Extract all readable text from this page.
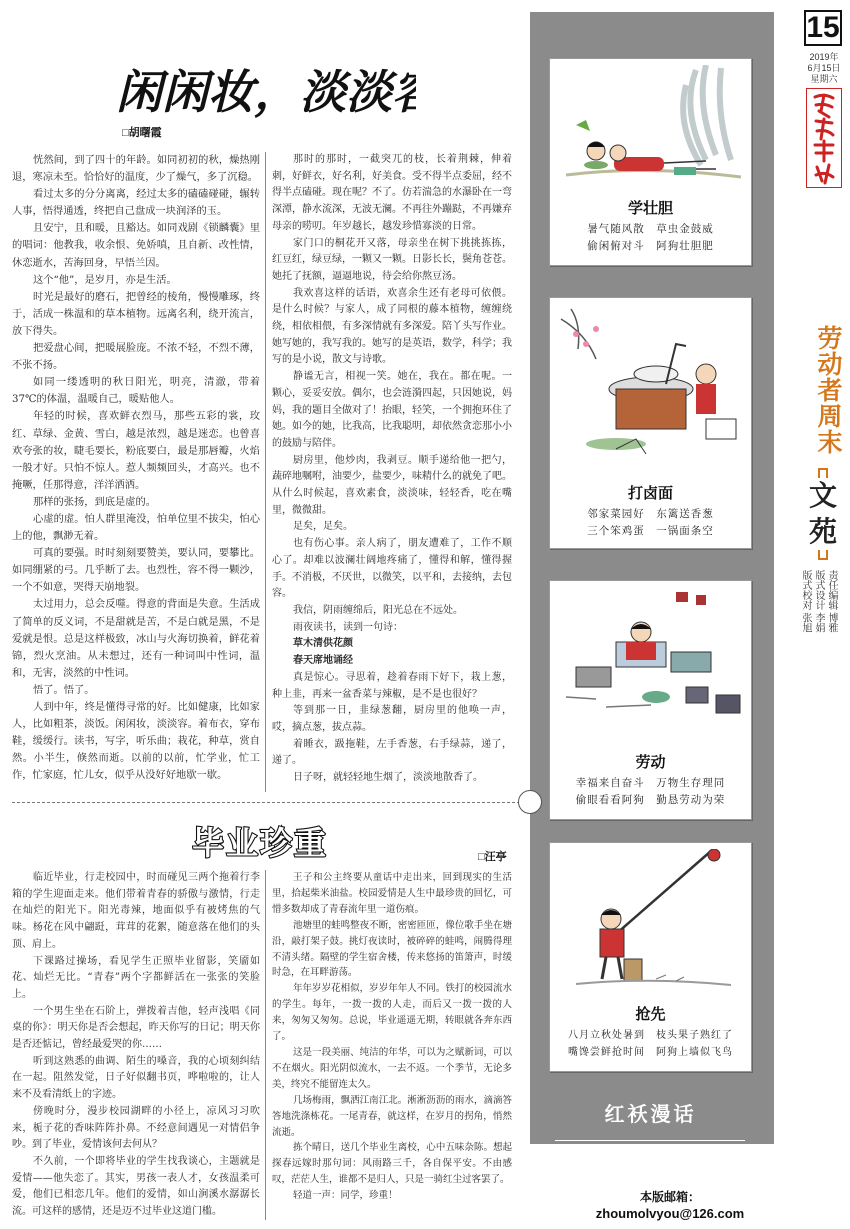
15
2019年
6月15日
星期六
劳动者周末
文苑
责任编辑 博雅
版式设计 李娟
版式校对 张旭
学壮胆
暑气随风散　草虫金鼓威
偷闲俯对斗　阿狗壮胆肥
打卤面
邻家菜园好　东篱送香葱
三个笨鸡蛋　一锅面条空
劳动
幸福来自奋斗　万物生存理同
偷眼看看阿狗　勤恳劳动为荣
抢先
八月立秋处暑到　枝头果子熟红了
嘴馋尝鲜抢时间　阿狗上墙似飞鸟
红袄漫话
□张文泽/画　冷冰/文
本版邮箱：
zhoumolvyou@126.com
闲闲妆，淡淡容
□胡曙霞

恍然间，到了四十的年龄。如同初初的秋，燥热刚退，寒凉未至。恰恰好的温度，少了燥气，多了沉稳。

看过太多的分分离离，经过太多的磕磕碰碰，辗转人事，悟得通透，终把自己盘成一块润泽的玉。

且安宁，且和暖，且豁达。如同戏剧《锁麟囊》里的唱词：他教我，收余恨、免娇嗔，且自新、改性情，休恋逝水，苦海回身，早悟兰因。

这个“他”，是岁月，亦是生活。

时光是最好的磨石，把曾经的棱角，慢慢雕琢，终于，活成一株温和的草本植物。远离名利，绕开流言，放下得失。

把爱盘心间，把暖展脸庞。不浓不轻，不烈不薄，不张不扬。

如同一缕透明的秋日阳光，明亮，清澈，带着37℃的体温，温暖自己，暖贴他人。

年轻的时候，喜欢鲜衣烈马，那些五彩的裳，玫红、草绿、金黄、雪白，越是浓烈，越是迷恋。也曾喜欢夸张的妆，睫毛要长，粉底要白，最是那唇瓣，火焰一般才好。只怕不惊人。惹人频频回头，才高兴。也不掩噘，任那得意，洋洋洒洒。

那样的张扬，到底是虚的。

心虚的虚。怕人群里淹没，怕单位里不拔尖，怕心上的他，飘渺无着。

可真的要强。时时刻刻要赞美，要认同，要攀比。如同绷紧的弓。几乎断了去。也烈性，容不得一颗沙，一个不如意，哭得天崩地裂。

太过用力，总会反噬。得意的背面是失意。生活成了简单的反义词，不是甜就是苦，不是白就是黑，不是爱就是恨。总是这样极致，冰山与火海切换着，鲜花着锦，烈火烹油。从未想过，还有一种词叫中性词，温和，无害，淡然的中性词。

悟了。悟了。

人到中年，终是懂得寻常的好。比如健康，比如家人，比如粗茶，淡饭。闲闲妆，淡淡容。着布衣，穿布鞋，缓缓行。读书，写字，听乐曲；栽花，种草，赏自然。小半生，倏然而逝。以前的以前，忙学业，忙工作，忙家庭，忙儿女，似乎从没好好地歇一歇。

那时的那时，一截突兀的枝，长着荆棘，伸着刺，好鲜衣，好名利，好美食。受不得半点委屈，经不得半点磕碰。现在呢？不了。仿若湍急的水瀑卧在一弯深潭，静水流深，无波无澜。不再往外蹦跶，不再嫌弃母亲的唠叨。年岁越长，越发珍惜寡淡的日常。

家门口的桐花开又落，母亲坐在树下挑挑拣拣，红豆红，绿豆绿，一颗又一颗。日影长长，鬓角苍苍。她托了抚额，逼逼地说，待会给你熬豆汤。

我欢喜这样的话语，欢喜余生还有老母可依偎。是什么时候？与家人，成了同根的藤本植物，缠缠绕绕，相依相偎，有多深情就有多深爱。陪丫头写作业。她写她的，我写我的。她写的是英语，数学，科学；我写的是小说，散文与诗歌。

静谧无言，相视一笑。她在，我在。都在呢。一颗心，妥妥安放。偶尔，也会涟漪四起，只因她说，妈妈，我的题目全做对了！抬眼，轻笑，一个拥抱环住了她。如今的她，比我高，比我聪明，却依然贪恋那小小的鼓励与陪伴。

厨房里，他炒肉，我剥豆。顺手递给他一把勺，蔬碎地嘱咐，油要少，盐要少，味精什么的就免了吧。从什么时候起，喜欢素食，淡淡味，轻轻香，吃在嘴里，微微甜。

足矣，足矣。

也有伤心事。亲人病了，朋友遭难了，工作不顺心了。却难以波澜壮阔地疼痛了，懂得和解，懂得握手。不消极，不厌世，以微笑，以平和，去接纳，去包容。

我信，阴雨缠绵后，阳光总在不远处。

雨夜读书，读到一句诗：

草木清供花颜

春天席地诵经

真是惊心。寻思着，趁着春雨下好下，栽上葱，种上韭，再来一盆香菜与辣椒，是不是也很好？

等到那一日，韭绿葱翻，厨房里的他唤一声，哎，摘点葱，拔点蒜。

着睡衣，趿拖鞋，左手香葱，右手绿蒜，递了，递了。

日子呀，就轻轻地生烟了，淡淡地散香了。

毕业珍重	□汪亭

临近毕业，行走校园中，时而碰见三两个拖着行李箱的学生迎面走来。他们带着青春的骄傲与激情，行走在灿烂的阳光下。阳光毒辣，地面似乎有被烤焦的气味。杨花在风中翩跹，茸茸的花絮，随意落在他们的头顶、肩上。

下课路过操场，看见学生正照毕业留影，笑靥如花、灿烂无比。“青春”两个字都鲜活在一张张的笑脸上。

一个男生坐在石阶上，弹拨着吉他，轻声浅唱《同桌的你》：明天你是否会想起，昨天你写的日记；明天你是否还惦记，曾经最爱哭的你……

听到这熟悉的曲调、陌生的嗓音，我的心顷刻纠结在一起。阻然发觉，日子好似翻书页，哗啦啦的，让人来不及看清纸上的字迹。

傍晚时分，漫步校园湖畔的小径上，凉风习习吹来，栀子花的香味阵阵扑鼻。不经意间遇见一对情侣争吵。到了毕业，爱情该何去何从？

不久前，一个即将毕业的学生找我谈心，主题就是爱情——他失恋了。其实，男孩一表人才，女孩温柔可爱，他们已相恋几年。他们的爱情，如山涧溪水潺潺长流。可这样的感情，还是迈不过毕业这道门槛。

王子和公主终要从童话中走出来，回到现实的生活里，拾起柴米油盐。校园爱情是人生中最珍贵的回忆，可惜多数却成了青春流年里一道伤痕。

池塘里的蛙鸣整夜不断，密密匝匝，像位歌手坐在塘沿，敲打架子鼓。挑灯夜读时，被碎碎的蛙鸣，闹腾得理不清头绪。隔壁的学生宿舍楼，传来悠扬的笛箫声，时缓时急，在耳畔游荡。

年年岁岁花相似，岁岁年年人不同。铁打的校园流水的学生。每年，一拨一拨的人走，而后又一拨一拨的人来，匆匆又匆匆。总说，毕业遥遥无期，转眼就各奔东西了。

这是一段美丽、纯洁的年华，可以为之赋新词，可以不在烟火。阳光阴似流水，一去不返。一个季节，无论多美，终究不能留连太久。

几场梅雨，飘洒江南江北。淅淅沥沥的雨水，滴滴答答地洗涤栋花。一尾青春，就这样，在岁月的拐角，悄然流逝。

拣个晴日，送几个毕业生离校，心中五味杂陈。想起探春远嫁时那句词：风雨路三千，各自保平安。不由感叹，茫茫人生，谁都不是归人，只是一骑红尘过客罢了。

轻道一声：同学，珍重！
